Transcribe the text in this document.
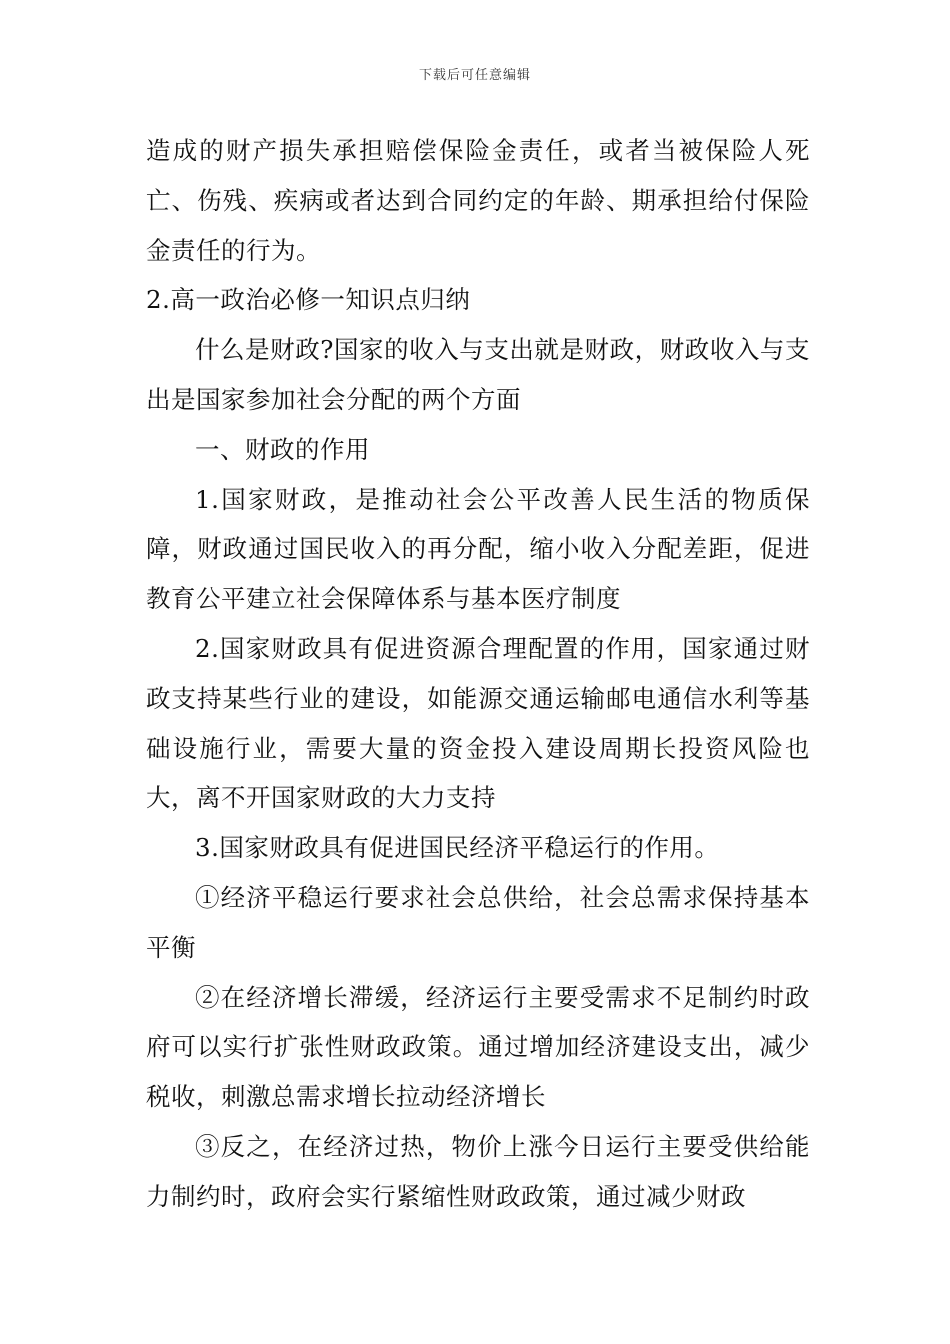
下载后可任意编辑

造成的财产损失承担赔偿保险金责任，或者当被保险人死亡、伤残、疾病或者达到合同约定的年龄、期承担给付保险金责任的行为。

2.高一政治必修一知识点归纳

什么是财政?国家的收入与支出就是财政，财政收入与支出是国家参加社会分配的两个方面

一、财政的作用

1.国家财政，是推动社会公平改善人民生活的物质保障，财政通过国民收入的再分配，缩小收入分配差距，促进教育公平建立社会保障体系与基本医疗制度

2.国家财政具有促进资源合理配置的作用，国家通过财政支持某些行业的建设，如能源交通运输邮电通信水利等基础设施行业，需要大量的资金投入建设周期长投资风险也大，离不开国家财政的大力支持

3.国家财政具有促进国民经济平稳运行的作用。

①经济平稳运行要求社会总供给，社会总需求保持基本平衡

②在经济增长滞缓，经济运行主要受需求不足制约时政府可以实行扩张性财政政策。通过增加经济建设支出，减少税收，刺激总需求增长拉动经济增长

③反之，在经济过热，物价上涨今日运行主要受供给能力制约时，政府会实行紧缩性财政政策，通过减少财政
